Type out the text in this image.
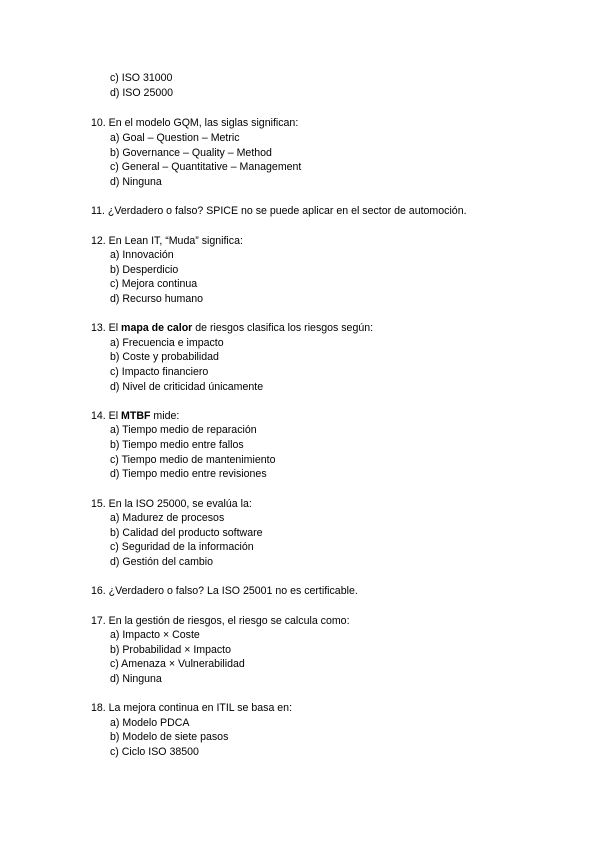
c) ISO 31000
d) ISO 25000
10. En el modelo GQM, las siglas significan:
a) Goal – Question – Metric
b) Governance – Quality – Method
c) General – Quantitative – Management
d) Ninguna
11. ¿Verdadero o falso? SPICE no se puede aplicar en el sector de automoción.
12. En Lean IT, “Muda” significa:
a) Innovación
b) Desperdicio
c) Mejora continua
d) Recurso humano
13. El mapa de calor de riesgos clasifica los riesgos según:
a) Frecuencia e impacto
b) Coste y probabilidad
c) Impacto financiero
d) Nivel de criticidad únicamente
14. El MTBF mide:
a) Tiempo medio de reparación
b) Tiempo medio entre fallos
c) Tiempo medio de mantenimiento
d) Tiempo medio entre revisiones
15. En la ISO 25000, se evalúa la:
a) Madurez de procesos
b) Calidad del producto software
c) Seguridad de la información
d) Gestión del cambio
16. ¿Verdadero o falso? La ISO 25001 no es certificable.
17. En la gestión de riesgos, el riesgo se calcula como:
a) Impacto × Coste
b) Probabilidad × Impacto
c) Amenaza × Vulnerabilidad
d) Ninguna
18. La mejora continua en ITIL se basa en:
a) Modelo PDCA
b) Modelo de siete pasos
c) Ciclo ISO 38500
